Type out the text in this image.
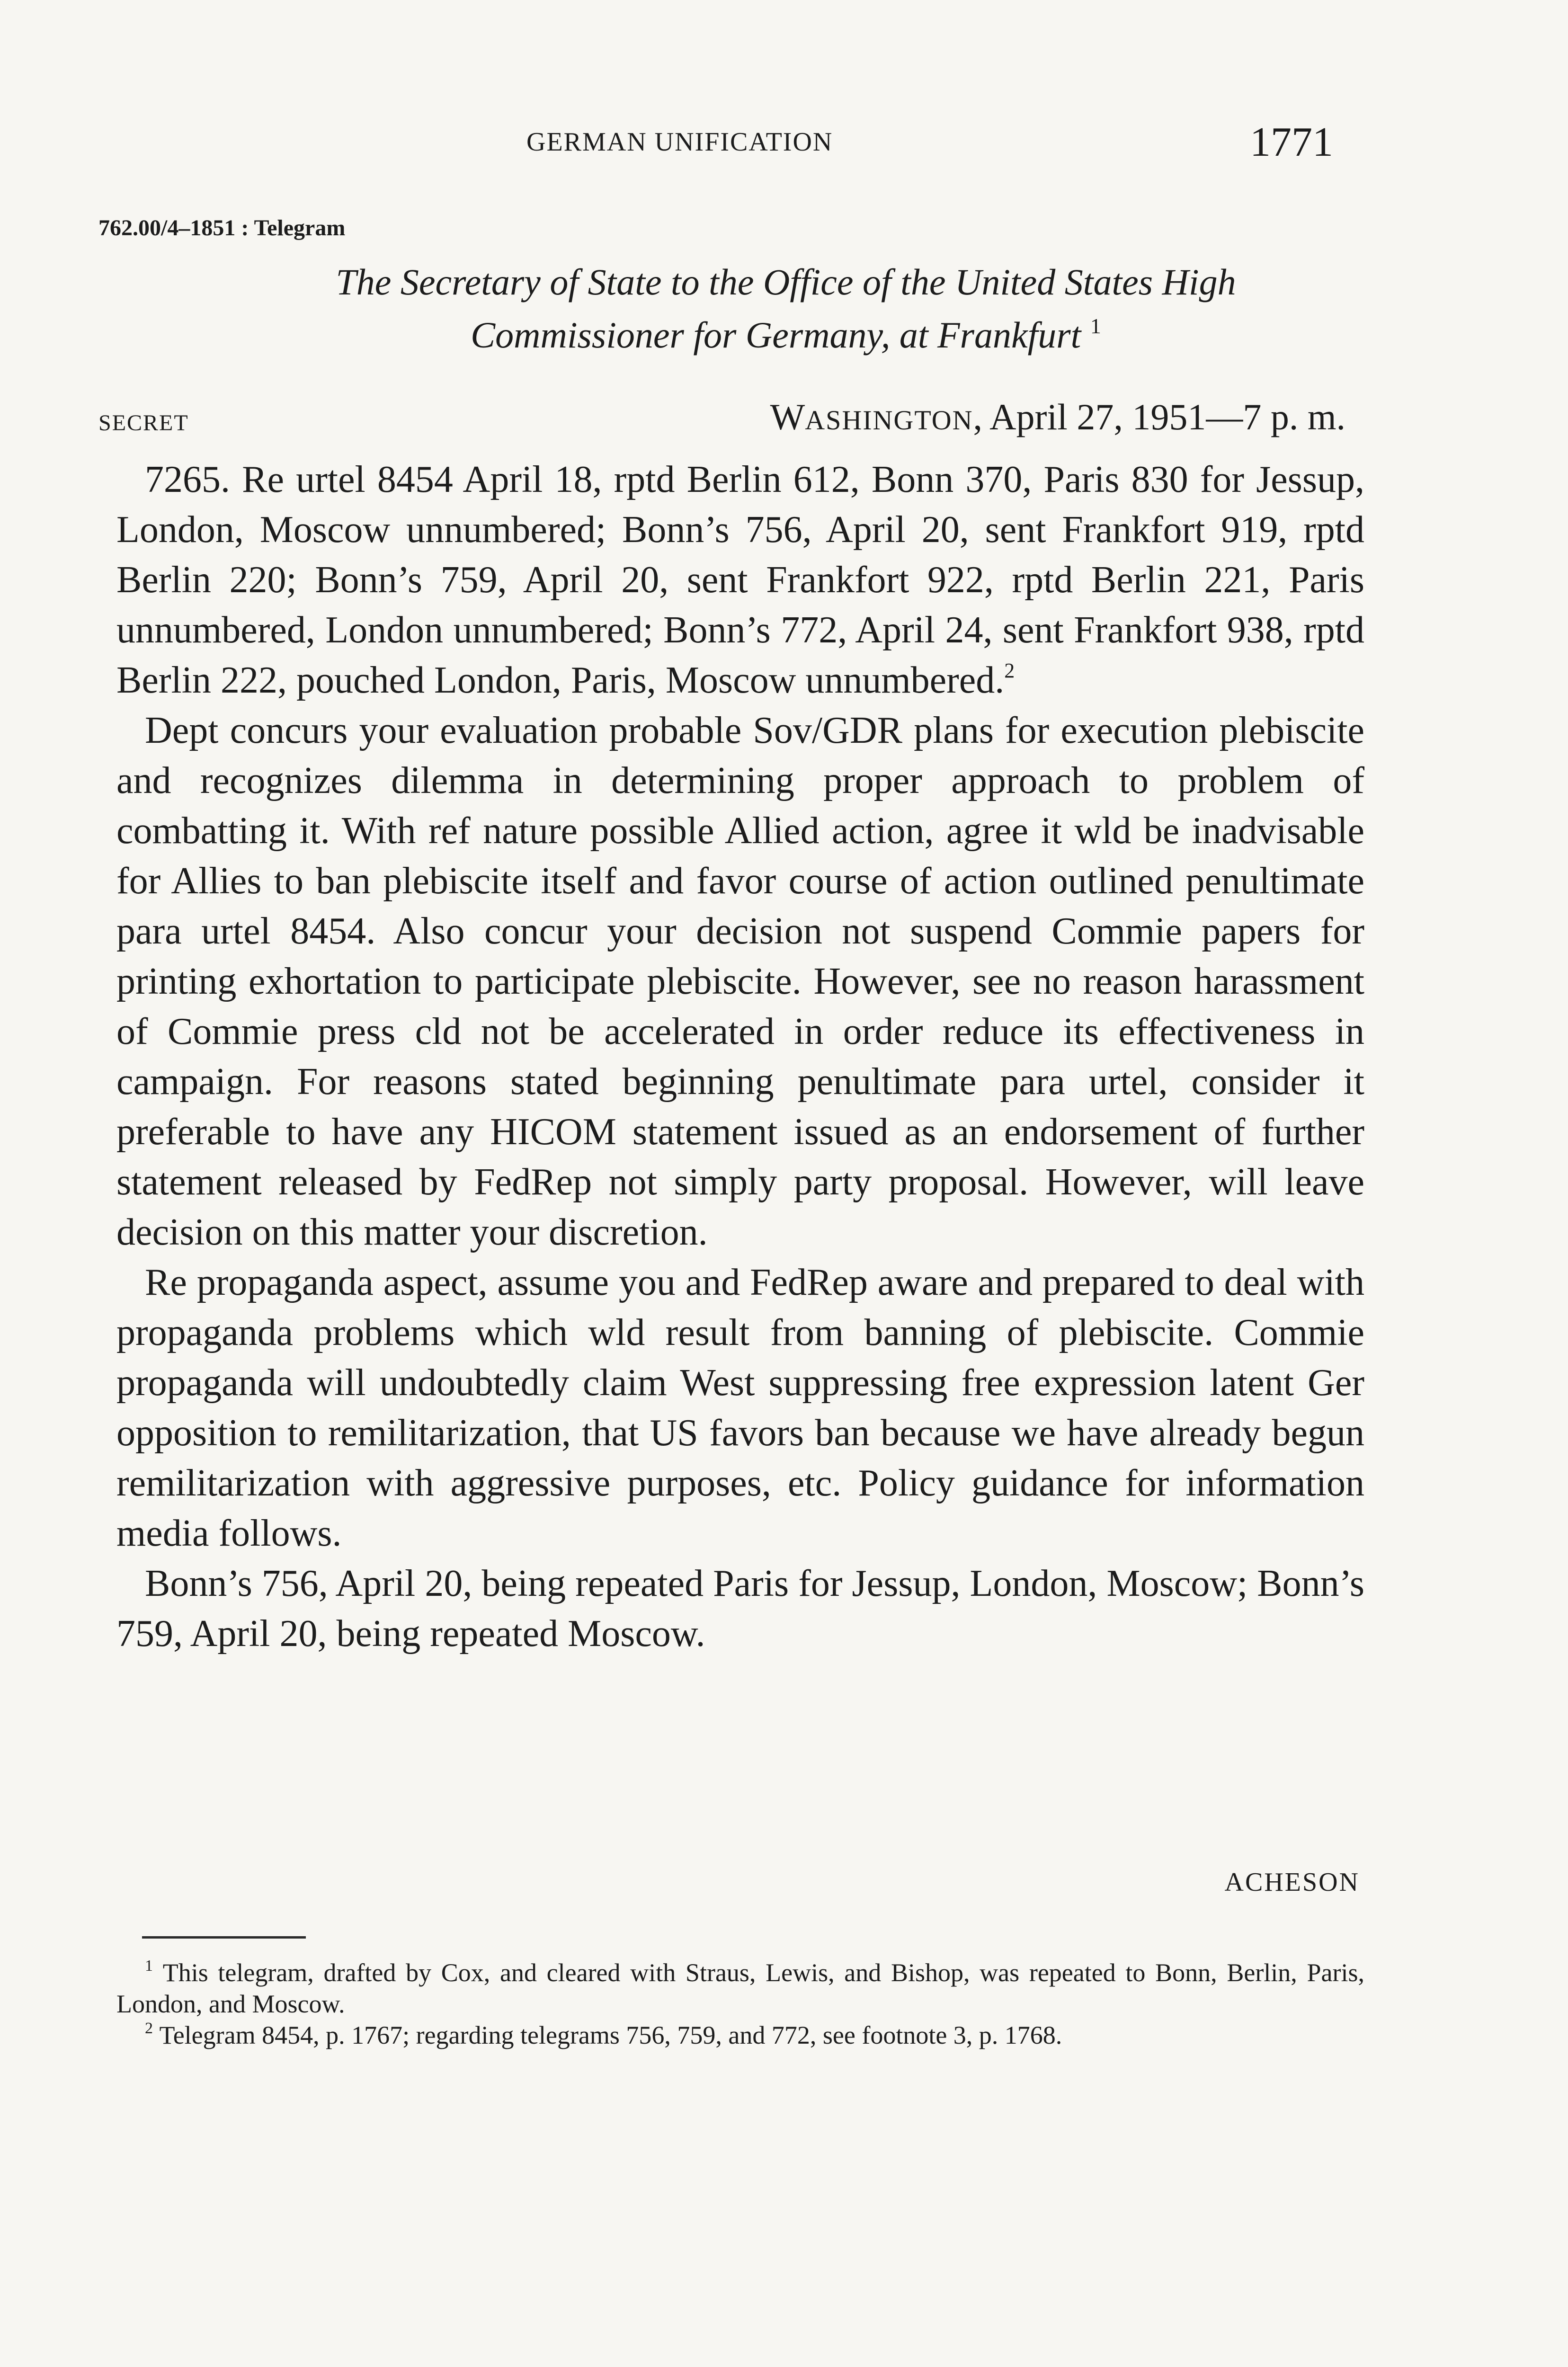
GERMAN UNIFICATION	1771
762.00/4–1851 : Telegram
The Secretary of State to the Office of the United States High
Commissioner for Germany, at Frankfurt $^1$
SECRET	WASHINGTON, April 27, 1951—7 p. m.

7265. Re urtel 8454 April 18, rptd Berlin 612, Bonn 370, Paris 830 for Jessup, London, Moscow unnumbered; Bonn’s 756, April 20, sent Frankfort 919, rptd Berlin 220; Bonn’s 759, April 20, sent Frankfort 922, rptd Berlin 221, Paris unnumbered, London unnumbered; Bonn’s 772, April 24, sent Frankfort 938, rptd Berlin 222, pouched London, Paris, Moscow unnumbered.$^2$

Dept concurs your evaluation probable Sov/GDR plans for execution plebiscite and recognizes dilemma in determining proper approach to problem of combatting it. With ref nature possible Allied action, agree it wld be inadvisable for Allies to ban plebiscite itself and favor course of action outlined penultimate para urtel 8454. Also concur your decision not suspend Commie papers for printing exhortation to participate plebiscite. However, see no reason harassment of Commie press cld not be accelerated in order reduce its effectiveness in campaign. For reasons stated beginning penultimate para urtel, consider it preferable to have any HICOM statement issued as an endorsement of further statement released by FedRep not simply party proposal. However, will leave decision on this matter your discretion.

Re propaganda aspect, assume you and FedRep aware and prepared to deal with propaganda problems which wld result from banning of plebiscite. Commie propaganda will undoubtedly claim West suppressing free expression latent Ger opposition to remilitarization, that US favors ban because we have already begun remilitarization with aggressive purposes, etc. Policy guidance for information media follows.

Bonn’s 756, April 20, being repeated Paris for Jessup, London, Moscow; Bonn’s 759, April 20, being repeated Moscow.

ACHESON

$^1$ This telegram, drafted by Cox, and cleared with Straus, Lewis, and Bishop, was repeated to Bonn, Berlin, Paris, London, and Moscow.

$^2$ Telegram 8454, p. 1767; regarding telegrams 756, 759, and 772, see footnote 3, p. 1768.
